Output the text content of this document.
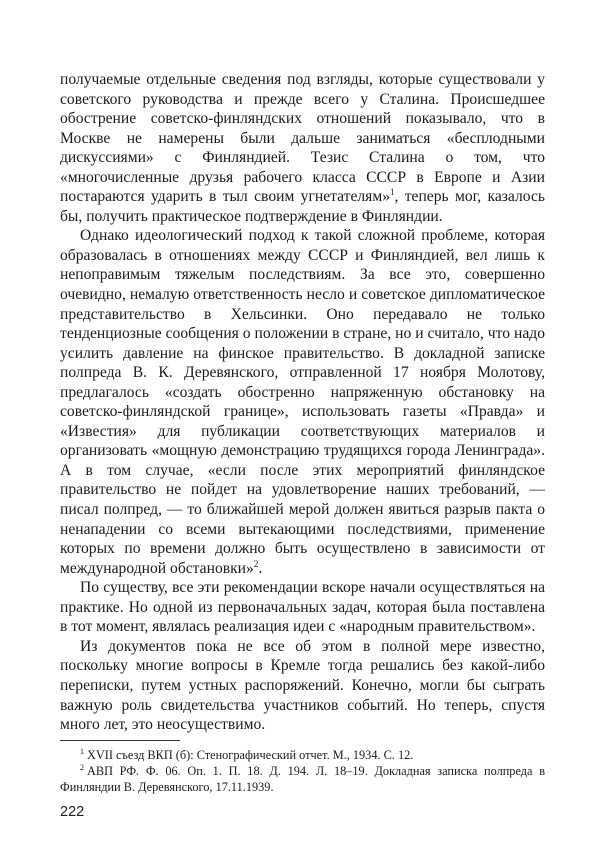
получаемые отдельные сведения под взгляды, которые существовали у советского руководства и прежде всего у Сталина. Происшедшее обострение советско-финляндских отношений показывало, что в Москве не намерены были дальше заниматься «бесплодными дискуссиями» с Финляндией. Тезис Сталина о том, что «многочисленные друзья рабочего класса СССР в Европе и Азии постараются ударить в тыл своим угнетателям»$^1$, теперь мог, казалось бы, получить практическое подтверждение в Финляндии.

Однако идеологический подход к такой сложной проблеме, которая образовалась в отношениях между СССР и Финляндией, вел лишь к непоправимым тяжелым последствиям. За все это, совершенно очевидно, немалую ответственность несло и советское дипломатическое представительство в Хельсинки. Оно передавало не только тенденциозные сообщения о положении в стране, но и считало, что надо усилить давление на финское правительство. В докладной записке полпреда В. К. Деревянского, отправленной 17 ноября Молотову, предлагалось «создать обостренно напряженную обстановку на советско-финляндской границе», использовать газеты «Правда» и «Известия» для публикации соответствующих материалов и организовать «мощную демонстрацию трудящихся города Ленинграда». А в том случае, «если после этих мероприятий финляндское правительство не пойдет на удовлетворение наших требований, — писал полпред, — то ближайшей мерой должен явиться разрыв пакта о ненападении со всеми вытекающими последствиями, применение которых по времени должно быть осуществлено в зависимости от международной обстановки»$^2$.

По существу, все эти рекомендации вскоре начали осуществляться на практике. Но одной из первоначальных задач, которая была поставлена в тот момент, являлась реализация идеи с «народным правительством».

Из документов пока не все об этом в полной мере известно, поскольку многие вопросы в Кремле тогда решались без какой-либо переписки, путем устных распоряжений. Конечно, могли бы сыграть важную роль свидетельства участников событий. Но теперь, спустя много лет, это неосуществимо.

$^1$ XVII съезд ВКП (б): Стенографический отчет. М., 1934. С. 12.

$^2$ АВП РФ. Ф. 06. Оп. 1. П. 18. Д. 194. Л. 18–19. Докладная записка полпреда в Финляндии В. Деревянского, 17.11.1939.

222
